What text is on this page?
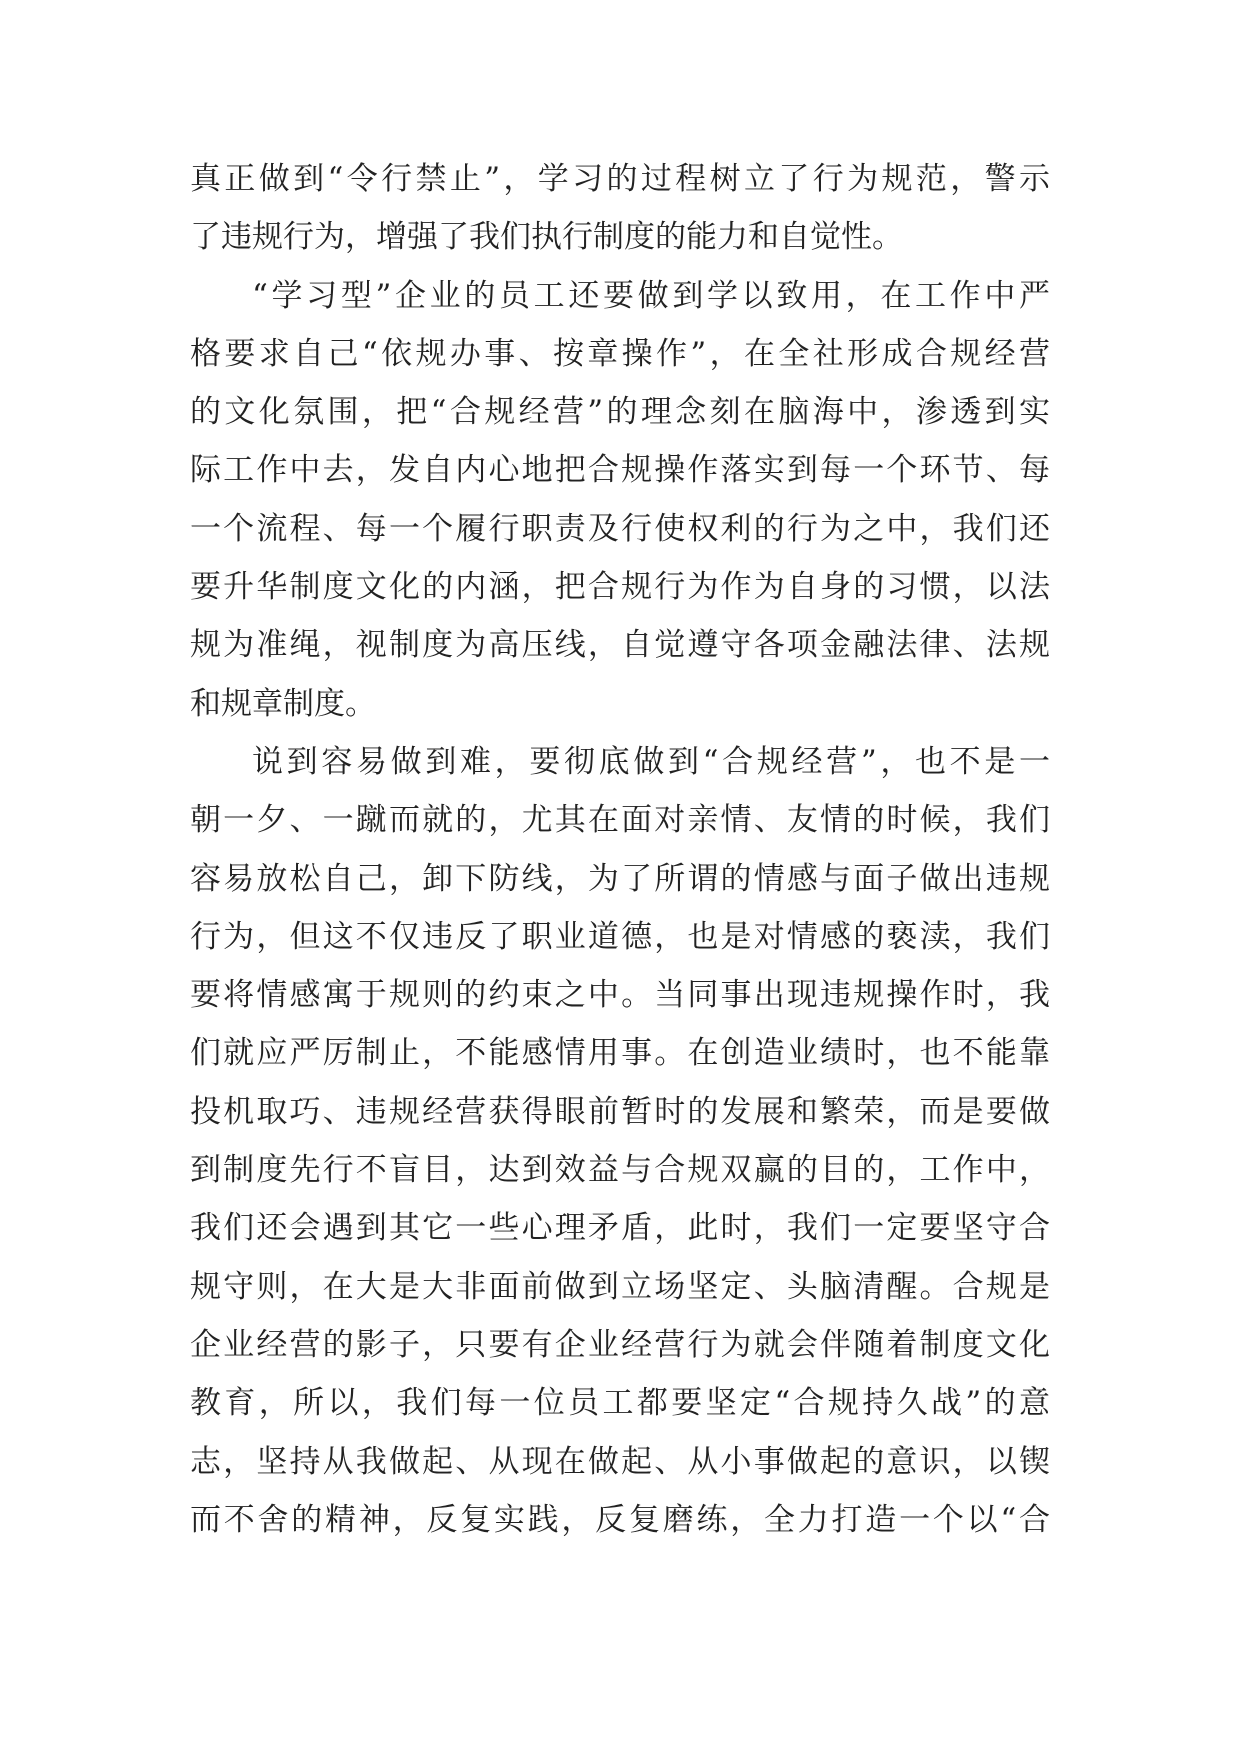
真正做到“令行禁止”，学习的过程树立了行为规范，警示
了违规行为，增强了我们执行制度的能力和自觉性。
“学习型”企业的员工还要做到学以致用，在工作中严
格要求自己“依规办事、按章操作”，在全社形成合规经营
的文化氛围，把“合规经营”的理念刻在脑海中，渗透到实
际工作中去，发自内心地把合规操作落实到每一个环节、每
一个流程、每一个履行职责及行使权利的行为之中，我们还
要升华制度文化的内涵，把合规行为作为自身的习惯，以法
规为准绳，视制度为高压线，自觉遵守各项金融法律、法规
和规章制度。
说到容易做到难，要彻底做到“合规经营”，也不是一
朝一夕、一蹴而就的，尤其在面对亲情、友情的时候，我们
容易放松自己，卸下防线，为了所谓的情感与面子做出违规
行为，但这不仅违反了职业道德，也是对情感的亵渎，我们
要将情感寓于规则的约束之中。当同事出现违规操作时，我
们就应严厉制止，不能感情用事。在创造业绩时，也不能靠
投机取巧、违规经营获得眼前暂时的发展和繁荣，而是要做
到制度先行不盲目，达到效益与合规双赢的目的，工作中，
我们还会遇到其它一些心理矛盾，此时，我们一定要坚守合
规守则，在大是大非面前做到立场坚定、头脑清醒。合规是
企业经营的影子，只要有企业经营行为就会伴随着制度文化
教育，所以，我们每一位员工都要坚定“合规持久战”的意
志，坚持从我做起、从现在做起、从小事做起的意识，以锲
而不舍的精神，反复实践，反复磨练，全力打造一个以“合
